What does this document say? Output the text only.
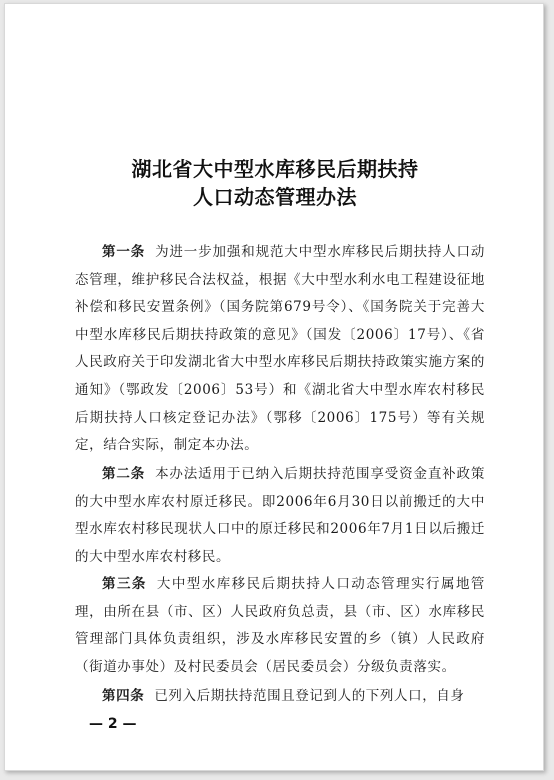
湖北省大中型水库移民后期扶持
人口动态管理办法
第一条 为进一步加强和规范大中型水库移民后期扶持人口动态管理，维护移民合法权益，根据《大中型水利水电工程建设征地补偿和移民安置条例》（国务院第679号令）、《国务院关于完善大中型水库移民后期扶持政策的意见》（国发〔2006〕17号）、《省人民政府关于印发湖北省大中型水库移民后期扶持政策实施方案的通知》（鄂政发〔2006〕53号）和《湖北省大中型水库农村移民后期扶持人口核定登记办法》（鄂移〔2006〕175号）等有关规定，结合实际，制定本办法。
第二条 本办法适用于已纳入后期扶持范围享受资金直补政策的大中型水库农村原迁移民。即2006年6月30日以前搬迁的大中型水库农村移民现状人口中的原迁移民和2006年7月1日以后搬迁的大中型水库农村移民。
第三条 大中型水库移民后期扶持人口动态管理实行属地管理，由所在县（市、区）人民政府负总责，县（市、区）水库移民管理部门具体负责组织，涉及水库移民安置的乡（镇）人民政府（街道办事处）及村民委员会（居民委员会）分级负责落实。
第四条 已列入后期扶持范围且登记到人的下列人口，自身
— 2 —
